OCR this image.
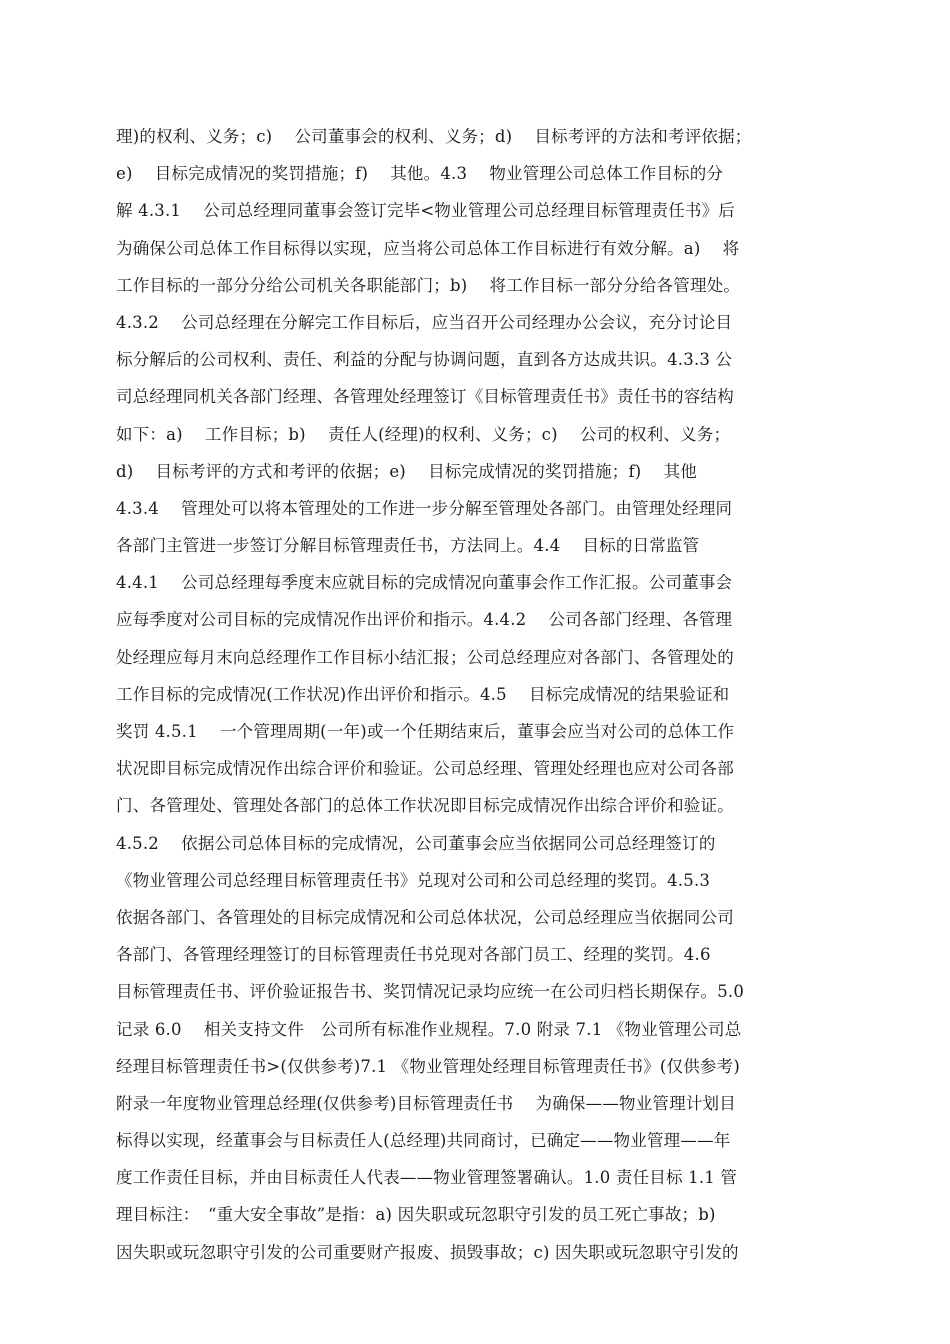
理)的权利、义务；c)　 公司董事会的权利、义务；d)　 目标考评的方法和考评依据；
e)　 目标完成情况的奖罚措施；f)　 其他。4.3　 物业管理公司总体工作目标的分
解 4.3.1　 公司总经理同董事会签订完毕<物业管理公司总经理目标管理责任书》后
为确保公司总体工作目标得以实现，应当将公司总体工作目标进行有效分解。a)　 将
工作目标的一部分分给公司机关各职能部门；b)　 将工作目标一部分分给各管理处。
4.3.2　 公司总经理在分解完工作目标后，应当召开公司经理办公会议，充分讨论目
标分解后的公司权利、责任、利益的分配与协调问题，直到各方达成共识。4.3.3 公
司总经理同机关各部门经理、各管理处经理签订《目标管理责任书》责任书的容结构
如下：a)　 工作目标；b)　 责任人(经理)的权利、义务；c)　 公司的权利、义务；
d)　 目标考评的方式和考评的依据；e)　 目标完成情况的奖罚措施；f)　 其他
4.3.4　 管理处可以将本管理处的工作进一步分解至管理处各部门。由管理处经理同
各部门主管进一步签订分解目标管理责任书，方法同上。4.4　 目标的日常监管
4.4.1　 公司总经理每季度末应就目标的完成情况向董事会作工作汇报。公司董事会
应每季度对公司目标的完成情况作出评价和指示。4.4.2　 公司各部门经理、各管理
处经理应每月末向总经理作工作目标小结汇报；公司总经理应对各部门、各管理处的
工作目标的完成情况(工作状况)作出评价和指示。4.5　 目标完成情况的结果验证和
奖罚 4.5.1　 一个管理周期(一年)或一个任期结束后，董事会应当对公司的总体工作
状况即目标完成情况作出综合评价和验证。公司总经理、管理处经理也应对公司各部
门、各管理处、管理处各部门的总体工作状况即目标完成情况作出综合评价和验证。
4.5.2　 依据公司总体目标的完成情况，公司董事会应当依据同公司总经理签订的
《物业管理公司总经理目标管理责任书》兑现对公司和公司总经理的奖罚。4.5.3
依据各部门、各管理处的目标完成情况和公司总体状况，公司总经理应当依据同公司
各部门、各管理经理签订的目标管理责任书兑现对各部门员工、经理的奖罚。4.6
目标管理责任书、评价验证报告书、奖罚情况记录均应统一在公司归档长期保存。5.0
记录 6.0　 相关支持文件　公司所有标准作业规程。7.0 附录 7.1 《物业管理公司总
经理目标管理责任书>(仅供参考)7.1 《物业管理处经理目标管理责任书》(仅供参考)
附录一年度物业管理总经理(仅供参考)目标管理责任书　 为确保——物业管理计划目
标得以实现，经董事会与目标责任人(总经理)共同商讨，已确定——物业管理——年
度工作责任目标，并由目标责任人代表——物业管理签署确认。1.0 责任目标 1.1 管
理目标注：　“重大安全事故”是指：a) 因失职或玩忽职守引发的员工死亡事故；b)
因失职或玩忽职守引发的公司重要财产报废、损毁事故；c) 因失职或玩忽职守引发的
